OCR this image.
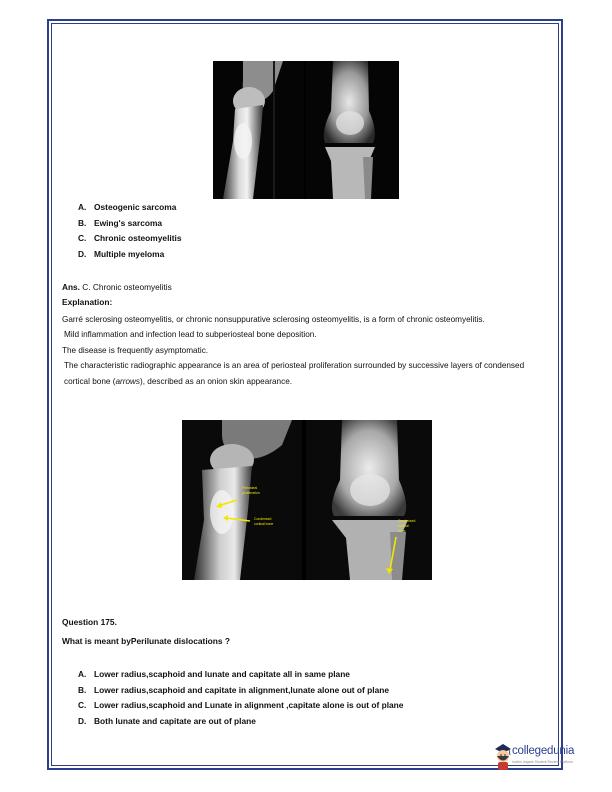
A. Osteogenic sarcoma
B. Ewing's sarcoma
C. Chronic osteomyelitis
D. Multiple myeloma
Ans. C. Chronic osteomyelitis
Explanation:

Garré sclerosing osteomyelitis, or chronic nonsuppurative sclerosing osteomyelitis, is a form of chronic osteomyelitis.

Mild inflammation and infection lead to subperiosteal bone deposition.

The disease is frequently asymptomatic.

The characteristic radiographic appearance is an area of periosteal proliferation surrounded by successive layers of condensed cortical bone (arrows), described as an onion skin appearance.

Periosteal
proliferation
Condensed
cortical bone
Condensed
cortical
bone
Question 175.
What is meant byPerilunate dislocations ?
A. Lower radius,scaphoid and lunate and capitate all in same plane
B. Lower radius,scaphoid and capitate in alignment,lunate alone out of plane
C. Lower radius,scaphoid and Lunate in alignment ,capitate alone is out of plane
D. Both lunate and capitate are out of plane
collegedunia
India's largest Student Review Platform
